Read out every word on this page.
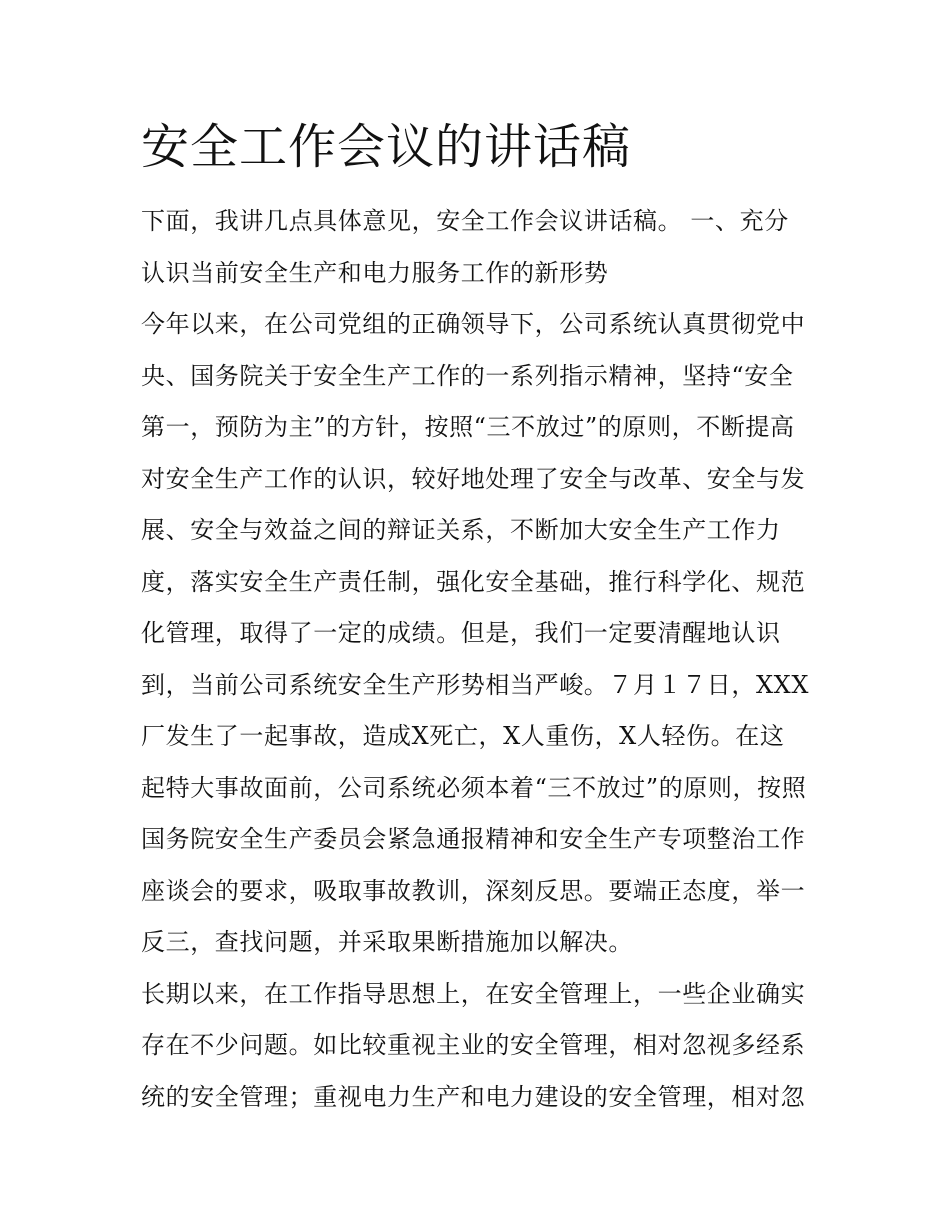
安全工作会议的讲话稿
下面，我讲几点具体意见，安全工作会议讲话稿。 一、充分
认识当前安全生产和电力服务工作的新形势
今年以来，在公司党组的正确领导下，公司系统认真贯彻党中
央、国务院关于安全生产工作的一系列指示精神，坚持“安全
第一，预防为主”的方针，按照“三不放过”的原则，不断提高
对安全生产工作的认识，较好地处理了安全与改革、安全与发
展、安全与效益之间的辩证关系，不断加大安全生产工作力
度，落实安全生产责任制，强化安全基础，推行科学化、规范
化管理，取得了一定的成绩。但是，我们一定要清醒地认识
到，当前公司系统安全生产形势相当严峻。７月１７日，XXX
厂发生了一起事故，造成X死亡，X人重伤，X人轻伤。在这
起特大事故面前，公司系统必须本着“三不放过”的原则，按照
国务院安全生产委员会紧急通报精神和安全生产专项整治工作
座谈会的要求，吸取事故教训，深刻反思。要端正态度，举一
反三，查找问题，并采取果断措施加以解决。
长期以来，在工作指导思想上，在安全管理上，一些企业确实
存在不少问题。如比较重视主业的安全管理，相对忽视多经系
统的安全管理；重视电力生产和电力建设的安全管理，相对忽
